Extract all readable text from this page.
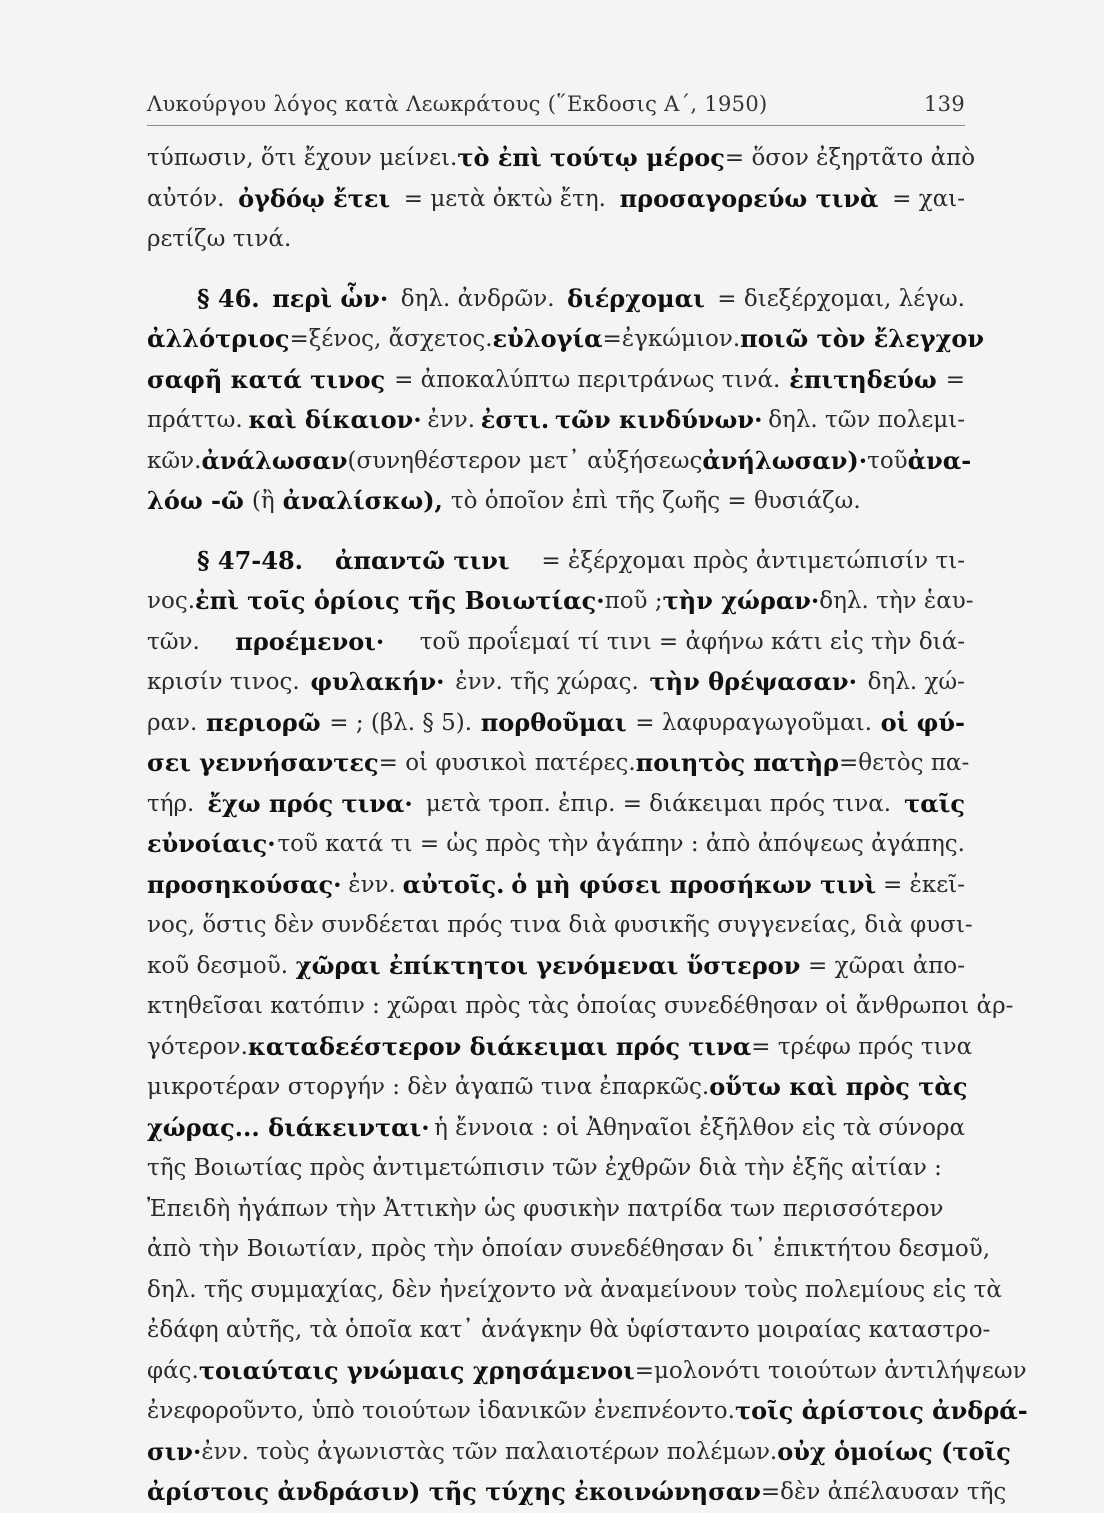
Λυκούργου λόγος κατὰ Λεωκράτους (῞Εκδοσις Α΄, 1950)	139
τύπωσιν, ὅτι ἔχουν μείνει. τὸ ἐπὶ τούτῳ μέρος = ὅσον ἐξηρτᾶτο ἀπὸ
αὐτόν. ὀγδόῳ ἔτει = μετὰ ὀκτὼ ἔτη. προσαγορεύω τινὰ = χαι-
ρετίζω τινά.
§ 46. περὶ ὧν· δηλ. ἀνδρῶν. διέρχομαι = διεξέρχομαι, λέγω.
ἀλλότριος =ξένος, ἄσχετος. εὐλογία =ἐγκώμιον. ποιῶ τὸν ἔλεγχον
σαφῆ κατά τινος = ἀποκαλύπτω περιτράνως τινά. ἐπιτηδεύω =
πράττω. καὶ δίκαιον· ἐνν. ἐστι. τῶν κινδύνων· δηλ. τῶν πολεμι-
κῶν. ἀνάλωσαν (συνηθέστερον μετ᾿ αὐξήσεως ἀνήλωσαν)· τοῦ ἀνα-
λόω -ῶ (ἢ ἀναλίσκω), τὸ ὁποῖον ἐπὶ τῆς ζωῆς = θυσιάζω.
§ 47-48. ἀπαντῶ τινι = ἐξέρχομαι πρὸς ἀντιμετώπισίν τι-
νος. ἐπὶ τοῖς ὁρίοις τῆς Βοιωτίας· ποῦ ; τὴν χώραν· δηλ. τὴν ἑαυ-
τῶν. προέμενοι· τοῦ προΐεμαί τί τινι = ἀφήνω κάτι εἰς τὴν διά-
κρισίν τινος. φυλακήν· ἐνν. τῆς χώρας. τὴν θρέψασαν· δηλ. χώ-
ραν. περιορῶ = ; (βλ. § 5). πορθοῦμαι = λαφυραγωγοῦμαι. οἱ φύ-
σει γεννήσαντες = οἱ φυσικοὶ πατέρες. ποιητὸς πατὴρ =θετὸς πα-
τήρ. ἔχω πρός τινα· μετὰ τροπ. ἐπιρ. = διάκειμαι πρός τινα. ταῖς
εὐνοίαις· τοῦ κατά τι = ὡς πρὸς τὴν ἀγάπην : ἀπὸ ἀπόψεως ἀγάπης.
προσηκούσας· ἐνν. αὐτοῖς. ὁ μὴ φύσει προσήκων τινὶ = ἐκεῖ-
νος, ὅστις δὲν συνδέεται πρός τινα διὰ φυσικῆς συγγενείας, διὰ φυσι-
κοῦ δεσμοῦ. χῶραι ἐπίκτητοι γενόμεναι ὕστερον = χῶραι ἀπο-
κτηθεῖσαι κατόπιν : χῶραι πρὸς τὰς ὁποίας συνεδέθησαν οἱ ἄνθρωποι ἀρ-
γότερον. καταδεέστερον διάκειμαι πρός τινα = τρέφω πρός τινα
μικροτέραν στοργήν : δὲν ἀγαπῶ τινα ἐπαρκῶς. οὕτω καὶ πρὸς τὰς
χώρας... διάκεινται· ἡ ἔννοια : οἱ Ἀθηναῖοι ἐξῆλθον εἰς τὰ σύνορα
τῆς Βοιωτίας πρὸς ἀντιμετώπισιν τῶν ἐχθρῶν διὰ τὴν ἑξῆς αἰτίαν :
Ἐπειδὴ ἠγάπων τὴν Ἀττικὴν ὡς φυσικὴν πατρίδα των περισσότερον
ἀπὸ τὴν Βοιωτίαν, πρὸς τὴν ὁποίαν συνεδέθησαν δι᾿ ἐπικτήτου δεσμοῦ,
δηλ. τῆς συμμαχίας, δὲν ἠνείχοντο νὰ ἀναμείνουν τοὺς πολεμίους εἰς τὰ
ἐδάφη αὐτῆς, τὰ ὁποῖα κατ᾿ ἀνάγκην θὰ ὑφίσταντο μοιραίας καταστρο-
φάς. τοιαύταις γνώμαις χρησάμενοι =μολονότι τοιούτων ἀντιλήψεων
ἐνεφοροῦντο, ὑπὸ τοιούτων ἰδανικῶν ἐνεπνέοντο. τοῖς ἀρίστοις ἀνδρά-
σιν· ἐνν. τοὺς ἀγωνιστὰς τῶν παλαιοτέρων πολέμων. οὐχ ὁμοίως (τοῖς
ἀρίστοις ἀνδράσιν) τῆς τύχης ἐκοινώνησαν =δὲν ἀπέλαυσαν τῆς
